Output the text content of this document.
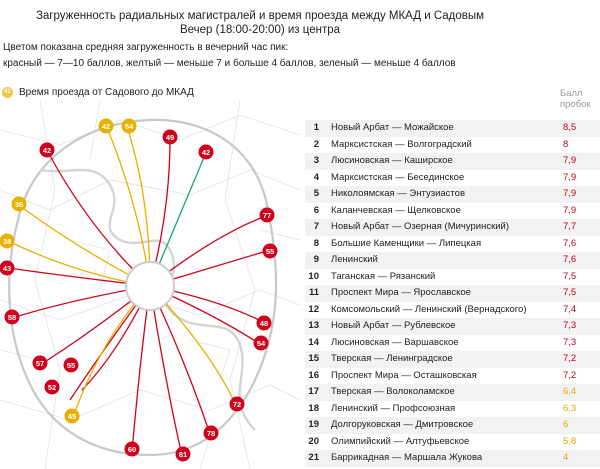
Загруженность радиальных магистралей и время проезда между МКАД и Садовым
Вечер (18:00-20:00) из центра
Цветом показана средняя загруженность в вечерний час пик:
красный — 7—10 баллов, желтый — меньше 7 и больше 4 баллов, зеленый — меньше 4 баллов
42 Время проезда от Садового до МКАД	Балл
пробок
42 54
49
42
42
36
38
43
58
57
52
55
45
60
81
78
72
54
48
55
77
1 Новый Арбат — Можайское	8,5
2 Марксистская — Волгоградский	8
3 Люсиновская — Каширское	7,9
4 Марксистская — Бесединское	7,9
5 Николоямская — Энтузиастов	7,9
6 Каланчевская — Щелковское	7,9
7 Новый Арбат — Озерная (Мичуринский)	7,7
8 Большие Каменщики — Липецкая	7,6
9 Ленинский	7,6
10 Таганская — Рязанский	7,5
11 Проспект Мира — Ярославское	7,5
12 Комсомольский — Ленинский (Вернадского)	7,4
13 Новый Арбат — Рублевское	7,3
14 Люсиновская — Варшавское	7,3
15 Тверская — Ленинградское	7,2
16 Проспект Мира — Осташковская	7,2
17 Тверская — Волоколамское	6,4
18 Ленинский — Профсоюзная	6,3
19 Долгоруковская — Дмитровское	6
20 Олимпийский — Алтуфьевское	5,8
21 Баррикадная — Маршала Жукова	4
